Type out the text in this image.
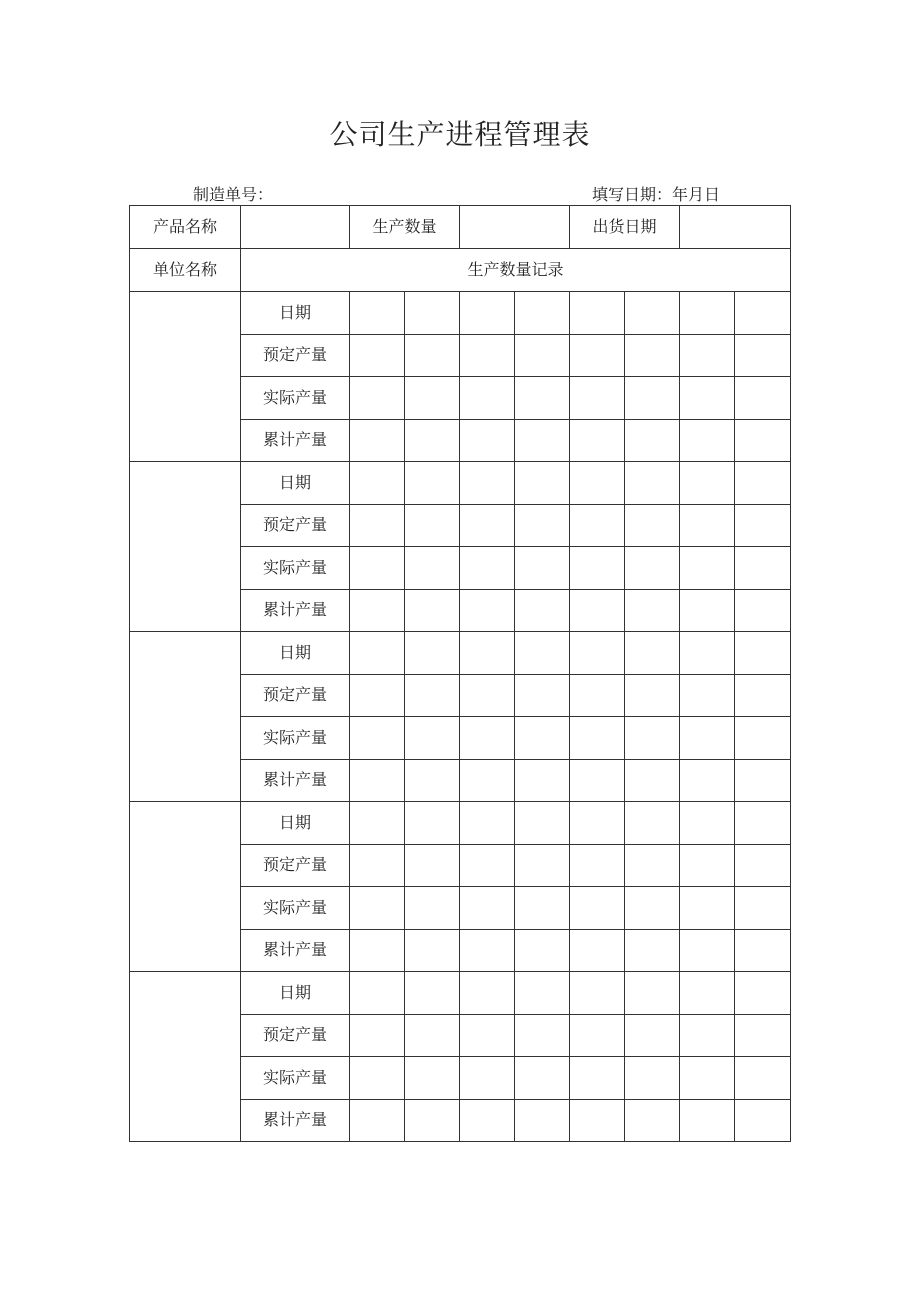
公司生产进程管理表
制造单号：	填写日期：年月日
产品名称		生产数量				出货日期			
单位名称	生产数量记录								
	日期								
	预定产量								
	实际产量								
	累计产量								
	日期								
	预定产量								
	实际产量								
	累计产量								
	日期								
	预定产量								
	实际产量								
	累计产量								
	日期								
	预定产量								
	实际产量								
	累计产量								
	日期								
	预定产量								
	实际产量								
	累计产量								
